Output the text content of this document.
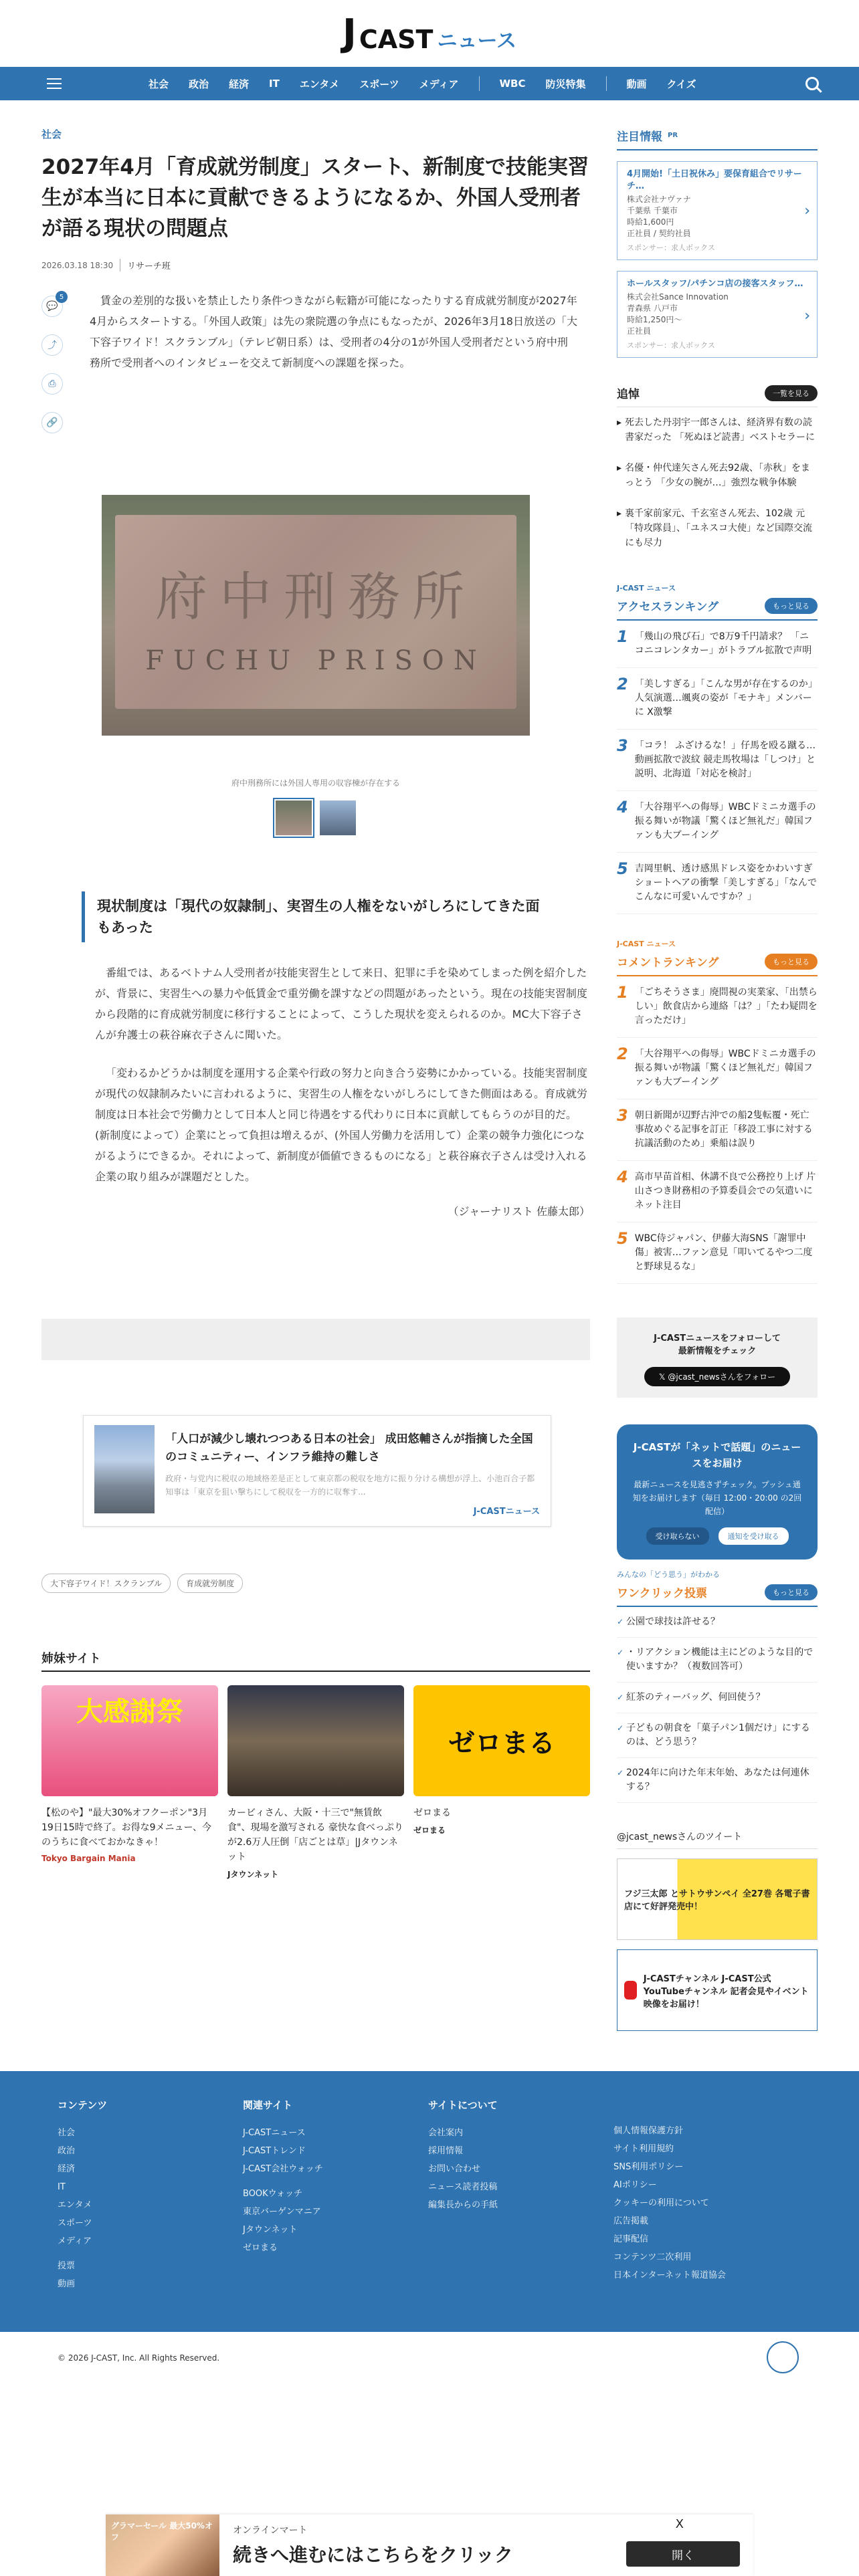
J CAST ニュース
社会 政治 経済 IT エンタメ スポーツ メディア	WBC 防災特集	動画 クイズ
社会
2027年4月「育成就労制度」スタート、新制度で技能実習生が本当に日本に貢献できるようになるか、外国人受刑者が語る現状の問題点
2026.03.18 18:30	リサーチ班
💬
5
⤴
⎙
🔗

賃金の差別的な扱いを禁止したり条件つきながら転籍が可能になったりする育成就労制度が2027年4月からスタートする。「外国人政策」は先の衆院選の争点にもなったが、2026年3月18日放送の「大下容子ワイド！スクランブル」（テレビ朝日系）は、受刑者の4分の1が外国人受刑者だという府中刑務所で受刑者へのインタビューを交えて新制度への課題を探った。

府中刑務所
FUCHU PRISON
府中刑務所には外国人専用の収容棟が存在する
現状制度は「現代の奴隷制」、実習生の人権をないがしろにしてきた面もあった

番組では、あるベトナム人受刑者が技能実習生として来日、犯罪に手を染めてしまった例を紹介したが、背景に、実習生への暴力や低賃金で重労働を課すなどの問題があったという。現在の技能実習制度から段階的に育成就労制度に移行することによって、こうした現状を変えられるのか。MC大下容子さんが弁護士の萩谷麻衣子さんに聞いた。

「変わるかどうかは制度を運用する企業や行政の努力と向き合う姿勢にかかっている。技能実習制度が現代の奴隷制みたいに言われるように、実習生の人権をないがしろにしてきた側面はある。育成就労制度は日本社会で労働力として日本人と同じ待遇をする代わりに日本に貢献してもらうのが目的だ。(新制度によって）企業にとって負担は増えるが、(外国人労働力を活用して）企業の競争力強化につながるようにできるか。それによって、新制度が価値できるものになる」と萩谷麻衣子さんは受け入れる企業の取り組みが課題だとした。

（ジャーナリスト 佐藤太郎）
「人口が減少し壊れつつある日本の社会」 成田悠輔さんが指摘した全国のコミュニティー、インフラ維持の難しさ
政府・与党内に税収の地域格差是正として東京都の税収を地方に振り分ける構想が浮上、小池百合子都知事は「東京を狙い撃ちにして税収を一方的に収奪す...
J-CASTニュース
大下容子ワイド！スクランブル	育成就労制度
姉妹サイト
大感謝祭
【松のや】"最大30%オフクーポン"3月19日15時で終了。お得な9メニュー、今のうちに食べておかなきゃ！
Tokyo Bargain Mania
カービィさん、大阪・十三で"無賃飲食"、現場を激写される 豪快な食べっぷりが2.6万人圧倒「店ごとは草」|Jタウンネット
Jタウンネット
ゼロまる
ゼロまる
ゼロまる
注目情報 PR
4月開始!「土日祝休み」要保育組合でリサーチ…
株式会社ナヴァナ
千葉県 千葉市
時給1,600円
正社員 / 契約社員
スポンサー：求人ボックス
›
ホールスタッフ/パチンコ店の接客スタッフ…
株式会社Sance Innovation
青森県 八戸市
時給1,250円〜
正社員
スポンサー：求人ボックス
›
追悼	一覧を見る
▸ 死去した丹羽宇一郎さんは、経済界有数の読書家だった 「死ぬほど読書」ベストセラーに
▸ 名優・仲代達矢さん死去92歳、「赤秋」をまっとう 「少女の腕が…」強烈な戦争体験
▸ 裏千家前家元、千玄室さん死去、102歳 元「特攻隊員」、「ユネスコ大使」など国際交流にも尽力
J-CAST ニュース
アクセスランキング	もっと見る
1 「幾山の飛び石」で8万9千円請求？ 「ニコニコレンタカー」がトラブル拡散で声明
2 「美しすぎる」「こんな男が存在するのか」人気演選…颯爽の姿が「モナキ」メンバーに X激撃
3 「コラ！ ふざけるな！」仔馬を殴る蹴る…動画拡散で波紋 競走馬牧場は「しつけ」と説明、北海道「対応を検討」
4 「大谷翔平への侮辱」WBCドミニカ選手の振る舞いが物議「驚くほど無礼だ」韓国ファンも大ブーイング
5 吉岡里帆、透け感黒ドレス姿をかわいすぎショートヘアの衝撃「美しすぎる」「なんでこんなに可愛いんですか？」
J-CAST ニュース
コメントランキング	もっと見る
1 「ごちそうさま」廃問視の実業家、「出禁らしい」飲食店から連絡「は？」「たわ疑問を言っただけ」
2 「大谷翔平への侮辱」WBCドミニカ選手の振る舞いが物議「驚くほど無礼だ」韓国ファンも大ブーイング
3 朝日新聞が辺野古沖での船2隻転覆・死亡事故めぐる記事を訂正「移設工事に対する抗議活動のため」乗船は誤り
4 高市早苗首相、休講不良で公務控り上げ 片山さつき財務相の予算委員会での気遣いにネット注目
5 WBC侍ジャパン、伊藤大海SNS「謝罪中傷」被害…ファン意見「叩いてるやつ二度と野球見るな」
J-CASTニュースをフォローして
最新情報をチェック
𝕏 @jcast_newsさんをフォロー
J-CASTが「ネットで話題」のニュースをお届け
最新ニュースを見逃さずチェック。プッシュ通知をお届けします（毎日 12:00・20:00 の2回配信）
受け取らない	通知を受け取る
みんなの「どう思う」がわかる
ワンクリック投票	もっと見る
✓ 公園で球技は許せる？
✓ ・リアクション機能は主にどのような目的で使いますか？（複数回答可）
✓ 紅茶のティーバッグ、何回使う？
✓ 子どもの朝食を「菓子パン1個だけ」にするのは、どう思う？
✓ 2024年に向けた年末年始、あなたは何連休する？
@jcast_newsさんのツイート
フジ三太郎 とサトウサンペイ 全27巻 各電子書店にて好評発売中！
J-CASTチャンネル J-CAST公式 YouTubeチャンネル 記者会見やイベント映像をお届け！
コンテンツ
社会
政治
経済
IT
エンタメ
スポーツ
メディア
投票
動画
関連サイト
J-CASTニュース
J-CASTトレンド
J-CAST会社ウォッチ
BOOKウォッチ
東京バーゲンマニア
Jタウンネット
ゼロまる
サイトについて
会社案内
採用情報
お問い合わせ
ニュース読者投稿
編集長からの手紙
個人情報保護方針
サイト利用規約
SNS利用ポリシー
AIポリシー
クッキーの利用について
広告掲載
記事配信
コンテンツ二次利用
日本インターネット報道協会
© 2026 J-CAST, Inc. All Rights Reserved.
グラマーセール 最大50%オフ
オンラインマート
続きへ進むにはこちらをクリック
X
開く
